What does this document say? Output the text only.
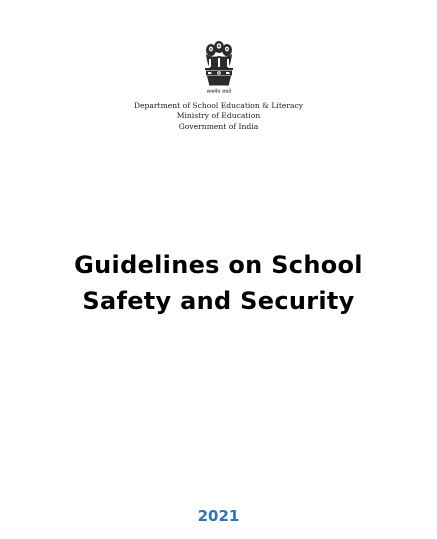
सत्यमेव जयते
Department of School Education & Literacy
Ministry of Education
Government of India
Guidelines on School
Safety and Security
2021
